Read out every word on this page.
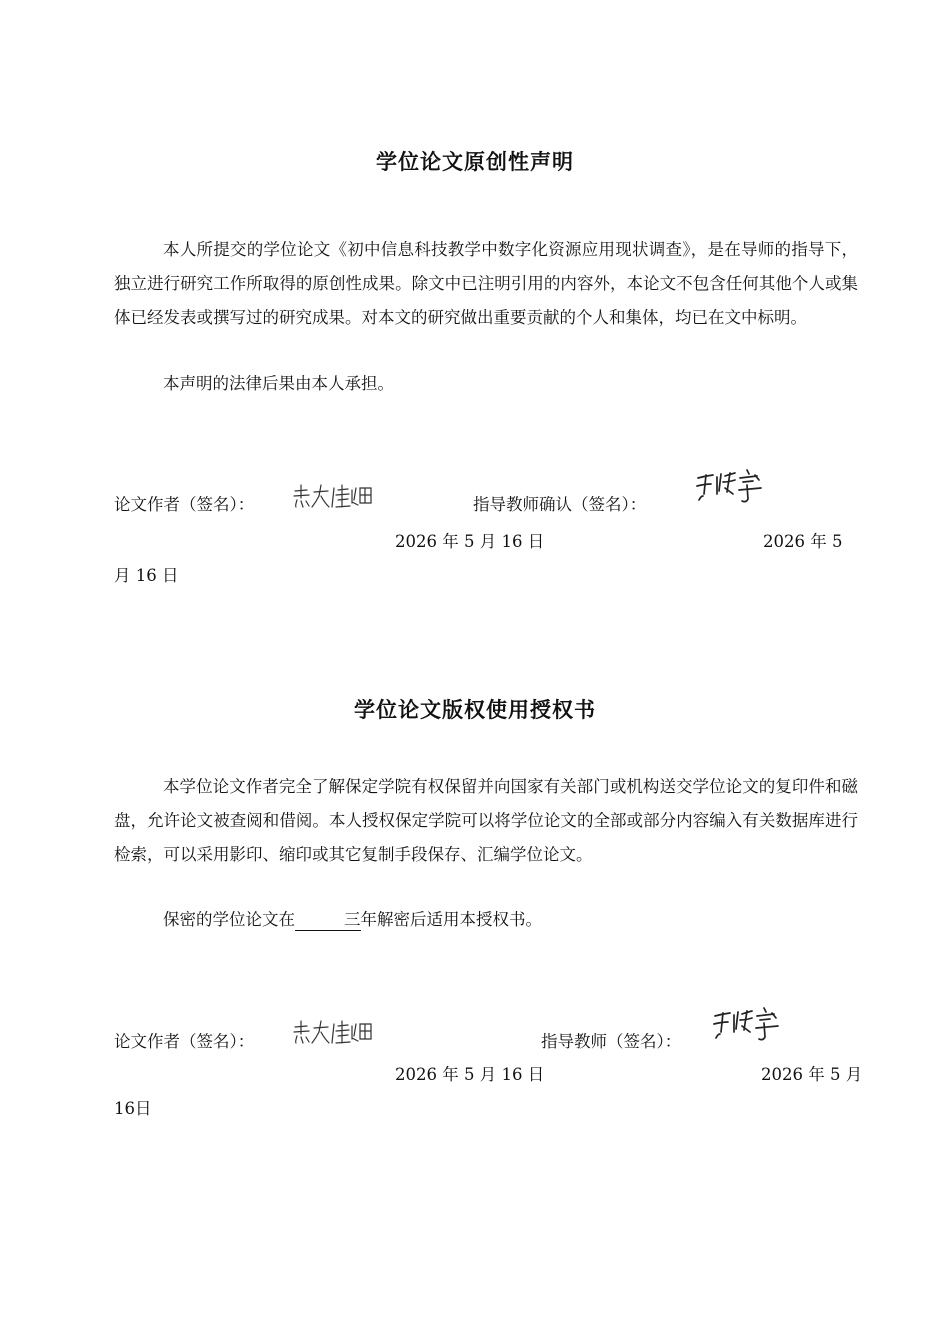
学位论文原创性声明

本人所提交的学位论文《初中信息科技教学中数字化资源应用现状调查》，是在导师的指导下，独立进行研究工作所取得的原创性成果。除文中已注明引用的内容外，本论文不包含任何其他个人或集体已经发表或撰写过的研究成果。对本文的研究做出重要贡献的个人和集体，均已在文中标明。

本声明的法律后果由本人承担。

论文作者（签名）：	指导教师确认（签名）：
2026 年 5 月 16 日	2026 年 5
月 16 日
学位论文版权使用授权书

本学位论文作者完全了解保定学院有权保留并向国家有关部门或机构送交学位论文的复印件和磁盘，允许论文被查阅和借阅。本人授权保定学院可以将学位论文的全部或部分内容编入有关数据库进行检索，可以采用影印、缩印或其它复制手段保存、汇编学位论文。

保密的学位论文在	三年解密后适用本授权书。

论文作者（签名）：	指导教师（签名）：
2026 年 5 月 16 日	2026 年 5 月
16日
